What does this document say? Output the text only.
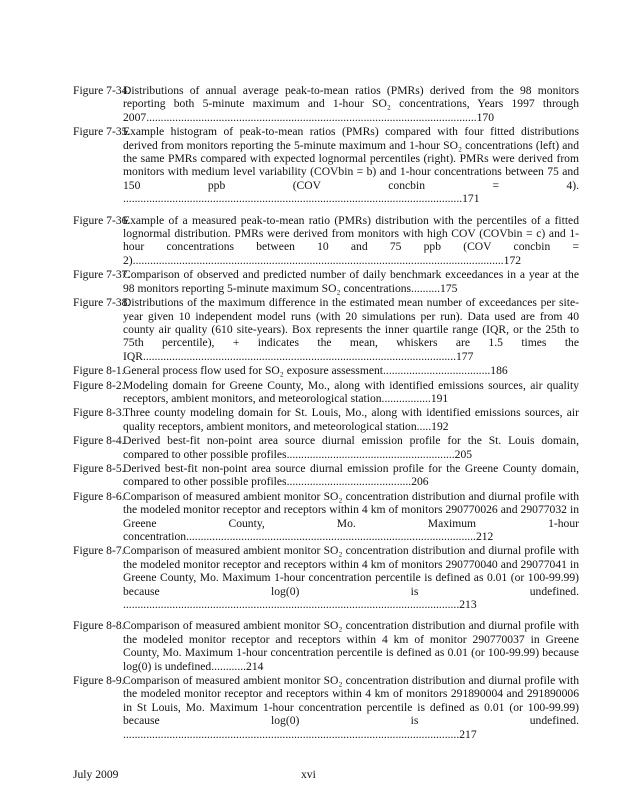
Figure 7-34.
Distributions of annual average peak-to-mean ratios (PMRs) derived from the 98 monitors reporting both 5-minute maximum and 1-hour SO₂ concentrations, Years 1997 through 2007..................................................................................................................170
Figure 7-35.
Example histogram of peak-to-mean ratios (PMRs) compared with four fitted distributions derived from monitors reporting the 5-minute maximum and 1-hour SO₂ concentrations (left) and the same PMRs compared with expected lognormal percentiles (right). PMRs were derived from monitors with medium level variability (COVbin = b) and 1-hour concentrations between 75 and 150 ppb (COV concbin = 4). .....................................................................................................................171
Figure 7-36.
Example of a measured peak-to-mean ratio (PMRs) distribution with the percentiles of a fitted lognormal distribution. PMRs were derived from monitors with high COV (COVbin = c) and 1-hour concentrations between 10 and 75 ppb (COV concbin = 2)................................................................................................................................172
Figure 7-37.
Comparison of observed and predicted number of daily benchmark exceedances in a year at the 98 monitors reporting 5-minute maximum SO₂ concentrations..........175
Figure 7-38.
Distributions of the maximum difference in the estimated mean number of exceedances per site-year given 10 independent model runs (with 20 simulations per run). Data used are from 40 county air quality (610 site-years). Box represents the inner quartile range (IQR, or the 25th to 75th percentile), + indicates the mean, whiskers are 1.5 times the IQR............................................................................................................177
Figure 8-1.
General process flow used for SO₂ exposure assessment.....................................186
Figure 8-2.
Modeling domain for Greene County, Mo., along with identified emissions sources, air quality receptors, ambient monitors, and meteorological station.................191
Figure 8-3.
Three county modeling domain for St. Louis, Mo., along with identified emissions sources, air quality receptors, ambient monitors, and meteorological station.....192
Figure 8-4.
Derived best-fit non-point area source diurnal emission profile for the St. Louis domain, compared to other possible profiles..........................................................205
Figure 8-5.
Derived best-fit non-point area source diurnal emission profile for the Greene County domain, compared to other possible profiles...........................................206
Figure 8-6.
Comparison of measured ambient monitor SO₂ concentration distribution and diurnal profile with the modeled monitor receptor and receptors within 4 km of monitors 290770026 and 29077032 in Greene County, Mo. Maximum 1-hour concentration....................................................................................................212
Figure 8-7.
Comparison of measured ambient monitor SO₂ concentration distribution and diurnal profile with the modeled monitor receptor and receptors within 4 km of monitors 290770040 and 29077041 in Greene County, Mo. Maximum 1-hour concentration percentile is defined as 0.01 (or 100-99.99) because log(0) is undefined. ....................................................................................................................213
Figure 8-8.
Comparison of measured ambient monitor SO₂ concentration distribution and diurnal profile with the modeled monitor receptor and receptors within 4 km of monitor 290770037 in Greene County, Mo. Maximum 1-hour concentration percentile is defined as 0.01 (or 100-99.99) because log(0) is undefined............214
Figure 8-9.
Comparison of measured ambient monitor SO₂ concentration distribution and diurnal profile with the modeled monitor receptor and receptors within 4 km of monitors 291890004 and 291890006 in St Louis, Mo. Maximum 1-hour concentration percentile is defined as 0.01 (or 100-99.99) because log(0) is undefined. ....................................................................................................................217
July 2009	xvi
